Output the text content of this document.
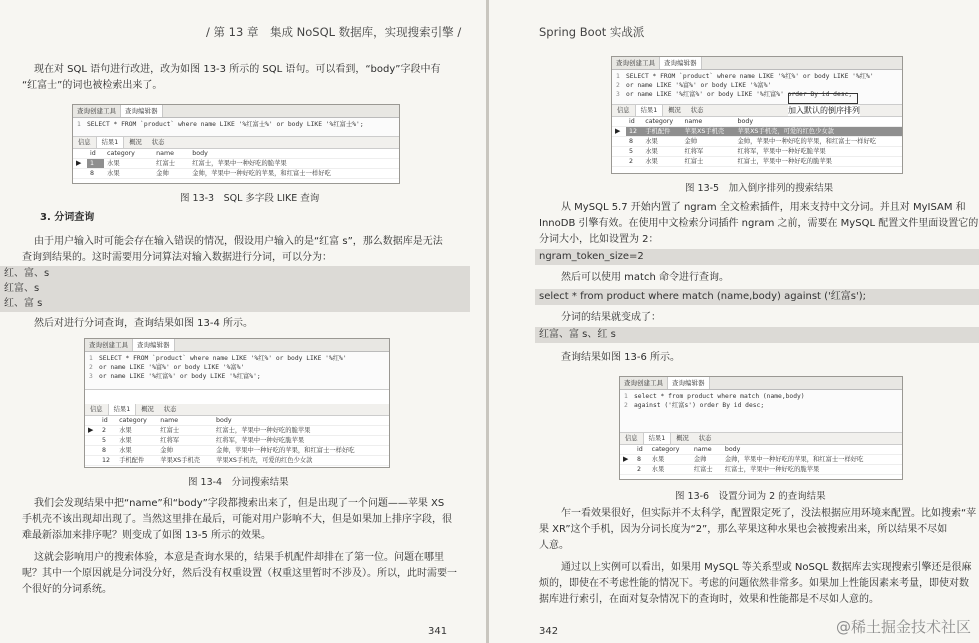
/ 第 13 章　集成 NoSQL 数据库，实现搜索引擎 /
现在对 SQL 语句进行改进，改为如图 13-3 所示的 SQL 语句。可以看到，“body”字段中有
“红富士”的词也被检索出来了。
查询创建工具	查询编辑器
1 SELECT * FROM `product` where name LIKE '%红富士%' or body LIKE '%红富士%';
信息	结果1	概况	状态
	id	category	name	body
▶	1	水果	红富士	红富士，苹果中一种好吃的脆苹果
	8	水果	金帅	金帅，苹果中一种好吃的苹果，和红富士一样好吃
图 13-3　SQL 多字段 LIKE 查询
3. 分词查询
由于用户输入时可能会存在输入错误的情况，假设用户输入的是“红富 s”，那么数据库是无法
查询到结果的。这时需要用分词算法对输入数据进行分词，可以分为：
红、富、s
红富、s
红、富 s
然后对进行分词查询，查询结果如图 13-4 所示。
查询创建工具	查询编辑器
1 SELECT * FROM `product` where name LIKE '%红%' or body LIKE '%红%'
2 or name LIKE '%富%' or body LIKE '%富%'
3 or name LIKE '%红富%' or body LIKE '%红富%';
信息	结果1	概况	状态
	id	category	name	body
▶	2	水果	红富士	红富士，苹果中一种好吃的脆苹果
	5	水果	红将军	红将军，苹果中一种好吃脆苹果
	8	水果	金帅	金帅，苹果中一种好吃的苹果，和红富士一样好吃
	12	手机配件	苹果XS手机壳	苹果XS手机壳，可爱的红色少女款
图 13-4　分词搜索结果
我们会发现结果中把“name”和“body”字段都搜索出来了，但是出现了一个问题——苹果 XS
手机壳不该出现却出现了。当然这里排在最后，可能对用户影响不大，但是如果加上排序字段，很
难最新添加来排序呢？则变成了如图 13-5 所示的效果。
这就会影响用户的搜索体验，本意是查询水果的，结果手机配件却排在了第一位。问题在哪里
呢？其中一个原因就是分词没分好，然后没有权重设置（权重这里暂时不涉及）。所以，此时需要一
个很好的分词系统。
341
Spring Boot 实战派
查询创建工具	查询编辑器
1 SELECT * FROM `product` where name LIKE '%红%' or body LIKE '%红%'
2 or name LIKE '%富%' or body LIKE '%富%'
3 or name LIKE '%红富%' or body LIKE '%红富%' order By id desc;
信息	结果1	概况	状态
	id	category	name	body
▶	12	手机配件	苹果XS手机壳	苹果XS手机壳，可爱的红色少女款
	8	水果	金帅	金帅，苹果中一种好吃的苹果，和红富士一样好吃
	5	水果	红将军	红将军，苹果中一种好吃脆苹果
	2	水果	红富士	红富士，苹果中一种好吃的脆苹果
加入默认的倒序排列
图 13-5　加入倒序排列的搜索结果
从 MySQL 5.7 开始内置了 ngram 全文检索插件，用来支持中文分词。并且对 MyISAM 和
InnoDB 引擎有效。在使用中文检索分词插件 ngram 之前，需要在 MySQL 配置文件里面设置它的
分词大小，比如设置为 2：
ngram_token_size=2
然后可以使用 match 命令进行查询。
select * from product where match (name,body) against ('红富s');
分词的结果就变成了：
红富、富 s、红 s
查询结果如图 13-6 所示。
查询创建工具	查询编辑器
1 select * from product where match (name,body)
2 against ('红富s') order By id desc;
信息	结果1	概况	状态
	id	category	name	body
▶	8	水果	金帅	金帅，苹果中一种好吃的苹果，和红富士一样好吃
	2	水果	红富士	红富士，苹果中一种好吃的脆苹果
图 13-6　设置分词为 2 的查询结果
乍一看效果很好，但实际并不太科学，配置限定死了，没法根据应用环境来配置。比如搜索“苹
果 XR”这个手机，因为分词长度为“2”，那么苹果这种水果也会被搜索出来，所以结果不尽如
人意。
通过以上实例可以看出，如果用 MySQL 等关系型或 NoSQL 数据库去实现搜索引擎还是很麻
烦的，即使在不考虑性能的情况下。考虑的问题依然非常多。如果加上性能因素来考量，即使对数
据库进行索引，在面对复杂情况下的查询时，效果和性能都是不尽如人意的。
342	@稀土掘金技术社区
